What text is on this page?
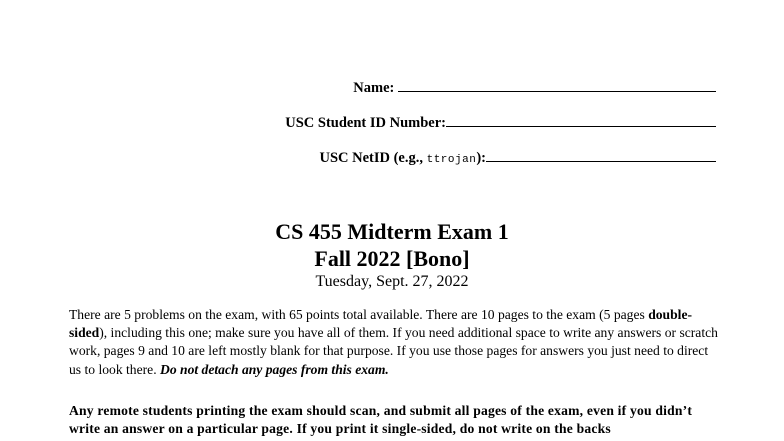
Name:
USC Student ID Number:
USC NetID (e.g., ttrojan):
CS 455 Midterm Exam 1
Fall 2022 [Bono]
Tuesday, Sept. 27, 2022

There are 5 problems on the exam, with 65 points total available. There are 10 pages to the exam (5 pages double-sided), including this one; make sure you have all of them. If you need additional space to write any answers or scratch work, pages 9 and 10 are left mostly blank for that purpose. If you use those pages for answers you just need to direct us to look there. Do not detach any pages from this exam.

Any remote students printing the exam should scan, and submit all pages of the exam, even if you didn’t write an answer on a particular page. If you print it single-sided, do not write on the backs
